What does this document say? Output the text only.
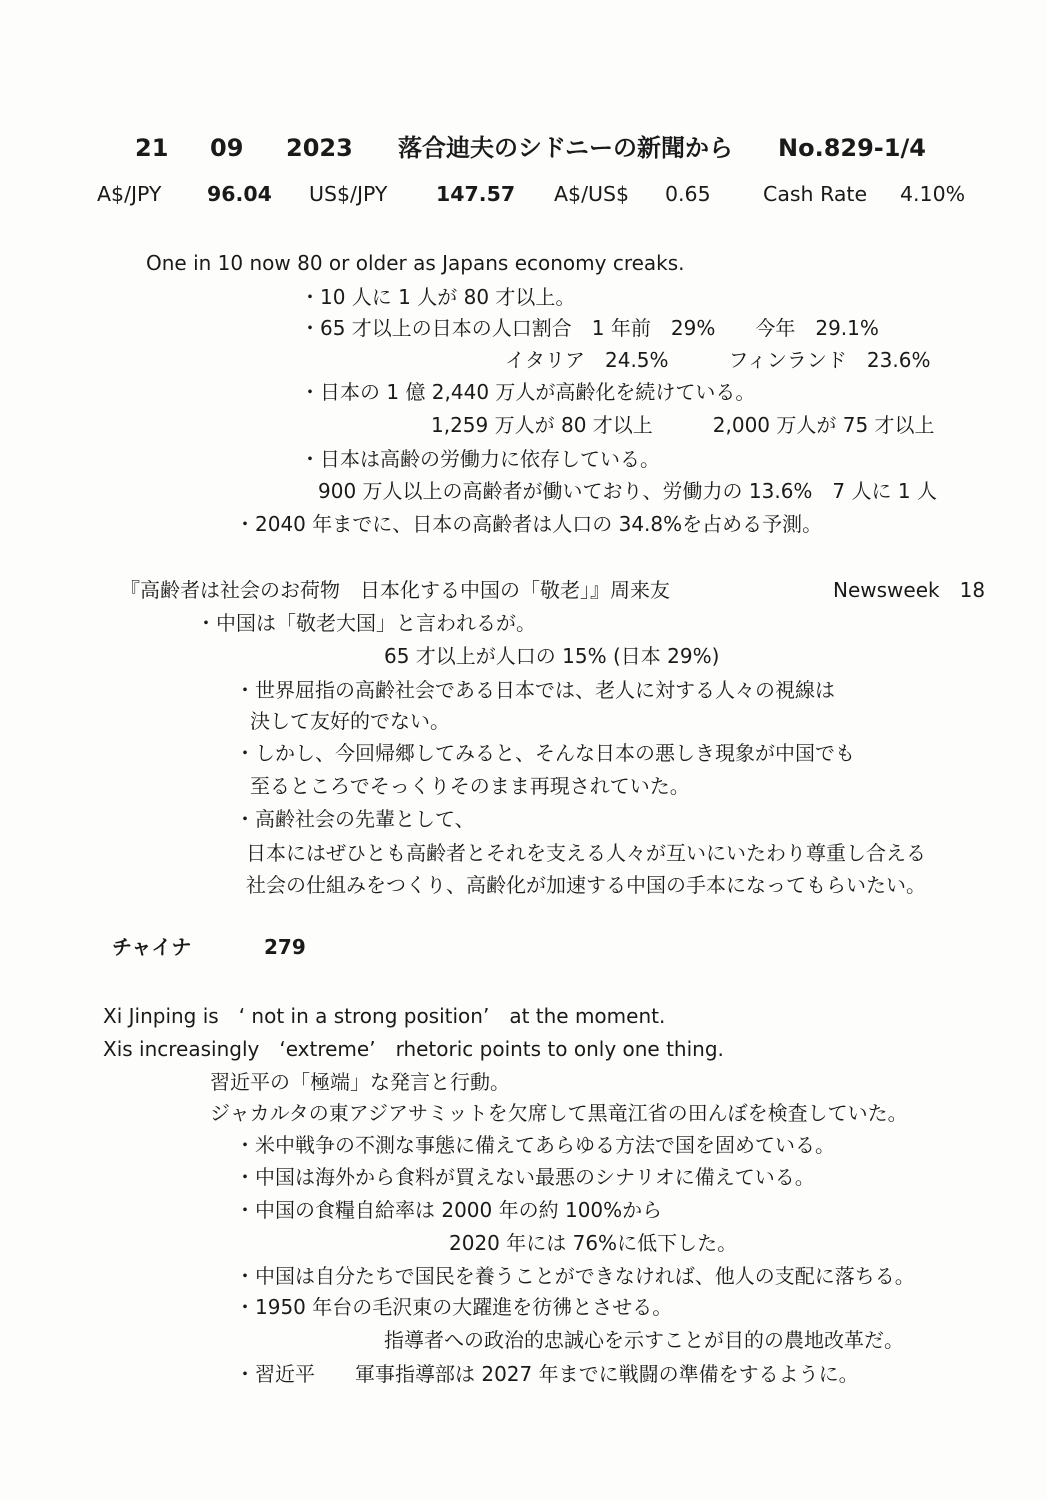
21 09 2023 落合迪夫のシドニーの新聞から No.829-1/4
A$/JPY 96.04 US$/JPY 147.57 A$/US$ 0.65	Cash Rate 4.10%
One in 10 now 80 or older as Japans economy creaks.
・10 人に 1 人が 80 才以上。
・65 才以上の日本の人口割合　1 年前　29%　　今年　29.1%
イタリア　24.5%　　　フィンランド　23.6%
・日本の 1 億 2,440 万人が高齢化を続けている。
1,259 万人が 80 才以上　　　2,000 万人が 75 才以上
・日本は高齢の労働力に依存している。
900 万人以上の高齢者が働いており、労働力の 13.6%　7 人に 1 人
・2040 年までに、日本の高齢者は人口の 34.8%を占める予測。
『高齢者は社会のお荷物　日本化する中国の「敬老」』周来友	Newsweek　18
・中国は「敬老大国」と言われるが。
65 才以上が人口の 15% (日本 29%)
・世界屈指の高齢社会である日本では、老人に対する人々の視線は
決して友好的でない。
・しかし、今回帰郷してみると、そんな日本の悪しき現象が中国でも
至るところでそっくりそのまま再現されていた。
・高齢社会の先輩として、
日本にはぜひとも高齢者とそれを支える人々が互いにいたわり尊重し合える
社会の仕組みをつくり、高齢化が加速する中国の手本になってもらいたい。
チャイナ	279
Xi Jinping is　‘ not in a strong position’　at the moment.
Xis increasingly　‘extreme’　rhetoric points to only one thing.
習近平の「極端」な発言と行動。
ジャカルタの東アジアサミットを欠席して黒竜江省の田んぼを検査していた。
・米中戦争の不測な事態に備えてあらゆる方法で国を固めている。
・中国は海外から食料が買えない最悪のシナリオに備えている。
・中国の食糧自給率は 2000 年の約 100%から
2020 年には 76%に低下した。
・中国は自分たちで国民を養うことができなければ、他人の支配に落ちる。
・1950 年台の毛沢東の大躍進を彷彿とさせる。
指導者への政治的忠誠心を示すことが目的の農地改革だ。
・習近平　　軍事指導部は 2027 年までに戦闘の準備をするように。
